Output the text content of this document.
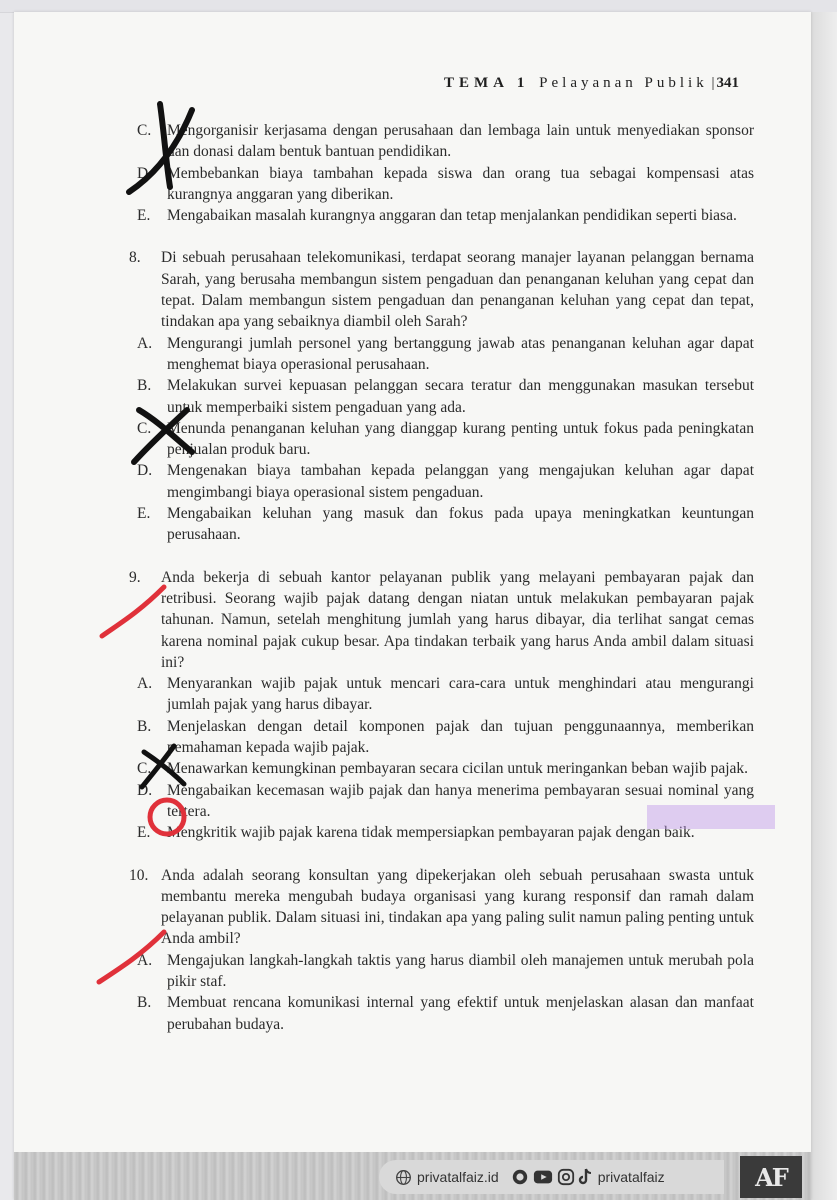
TEMA 1 Pelayanan Publik | 341
C. Mengorganisir kerjasama dengan perusahaan dan lembaga lain untuk menyediakan sponsor dan donasi dalam bentuk bantuan pendidikan.
D. Membebankan biaya tambahan kepada siswa dan orang tua sebagai kompensasi atas kurangnya anggaran yang diberikan.
E. Mengabaikan masalah kurangnya anggaran dan tetap menjalankan pendidikan seperti biasa.
8. Di sebuah perusahaan telekomunikasi, terdapat seorang manajer layanan pelanggan bernama Sarah, yang berusaha membangun sistem pengaduan dan penanganan keluhan yang cepat dan tepat. Dalam membangun sistem pengaduan dan penanganan keluhan yang cepat dan tepat, tindakan apa yang sebaiknya diambil oleh Sarah?
A. Mengurangi jumlah personel yang bertanggung jawab atas penanganan keluhan agar dapat menghemat biaya operasional perusahaan.
B. Melakukan survei kepuasan pelanggan secara teratur dan menggunakan masukan tersebut untuk memperbaiki sistem pengaduan yang ada.
C. Menunda penanganan keluhan yang dianggap kurang penting untuk fokus pada peningkatan penjualan produk baru.
D. Mengenakan biaya tambahan kepada pelanggan yang mengajukan keluhan agar dapat mengimbangi biaya operasional sistem pengaduan.
E. Mengabaikan keluhan yang masuk dan fokus pada upaya meningkatkan keuntungan perusahaan.
9. Anda bekerja di sebuah kantor pelayanan publik yang melayani pembayaran pajak dan retribusi. Seorang wajib pajak datang dengan niatan untuk melakukan pembayaran pajak tahunan. Namun, setelah menghitung jumlah yang harus dibayar, dia terlihat sangat cemas karena nominal pajak cukup besar. Apa tindakan terbaik yang harus Anda ambil dalam situasi ini?
A. Menyarankan wajib pajak untuk mencari cara-cara untuk menghindari atau mengurangi jumlah pajak yang harus dibayar.
B. Menjelaskan dengan detail komponen pajak dan tujuan penggunaannya, memberikan pemahaman kepada wajib pajak.
C. Menawarkan kemungkinan pembayaran secara cicilan untuk meringankan beban wajib pajak.
D. Mengabaikan kecemasan wajib pajak dan hanya menerima pembayaran sesuai nominal yang tertera.
E. Mengkritik wajib pajak karena tidak mempersiapkan pembayaran pajak dengan baik.
10. Anda adalah seorang konsultan yang dipekerjakan oleh sebuah perusahaan swasta untuk membantu mereka mengubah budaya organisasi yang kurang responsif dan ramah dalam pelayanan publik. Dalam situasi ini, tindakan apa yang paling sulit namun paling penting untuk Anda ambil?
A. Mengajukan langkah-langkah taktis yang harus diambil oleh manajemen untuk merubah pola pikir staf.
B. Membuat rencana komunikasi internal yang efektif untuk menjelaskan alasan dan manfaat perubahan budaya.
privatalfaiz.id	privatalfaiz	AF
